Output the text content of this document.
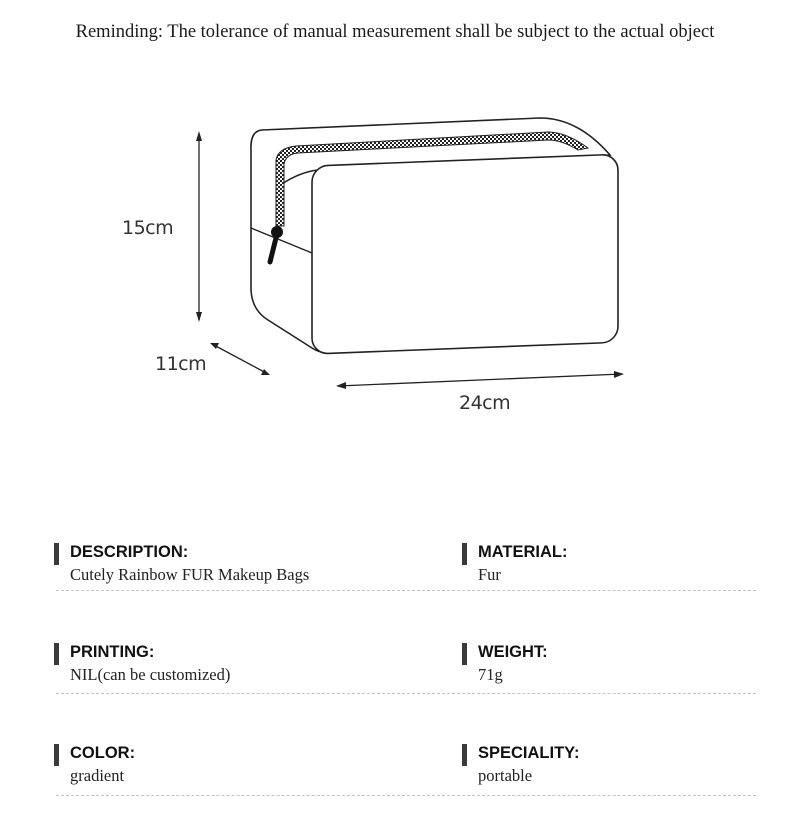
Reminding: The tolerance of manual measurement shall be subject to the actual object
15cm
11cm
24cm
DESCRIPTION:
Cutely Rainbow FUR Makeup Bags
MATERIAL:
Fur
PRINTING:
NIL(can be customized)
WEIGHT:
71g
COLOR:
gradient
SPECIALITY:
portable
